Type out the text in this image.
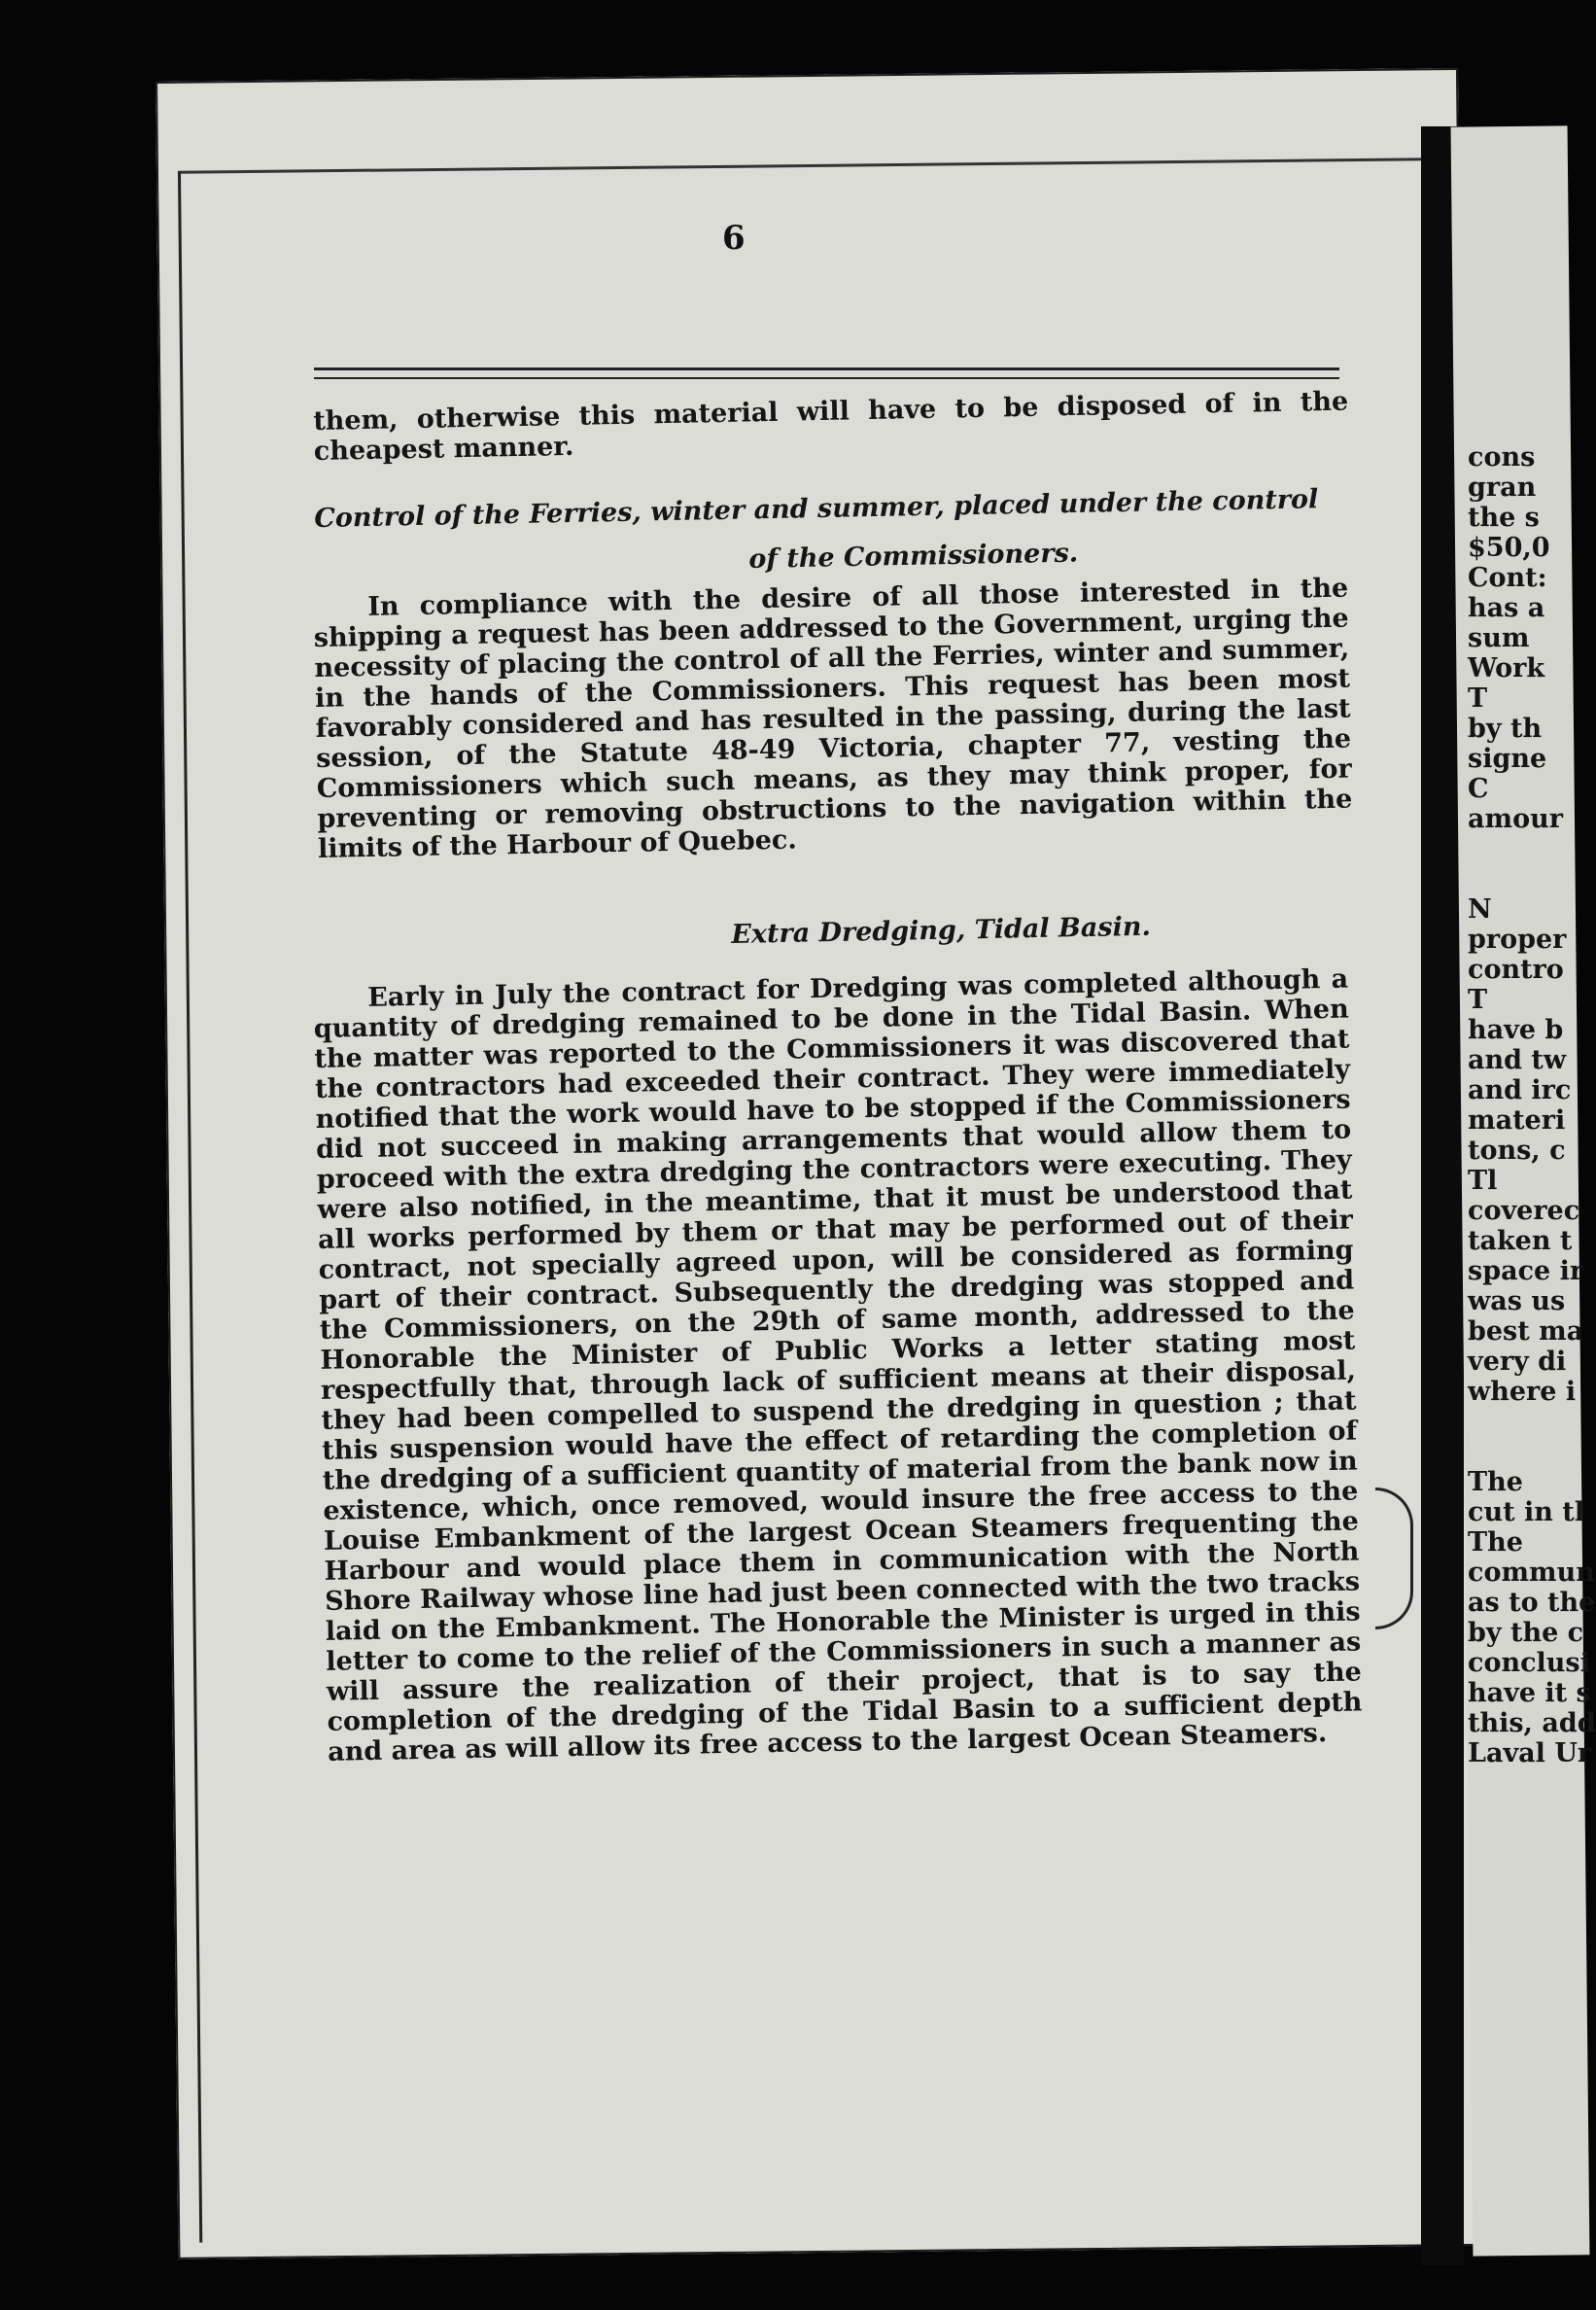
6
them, otherwise this material will have to be disposed of in the cheapest manner.
Control of the Ferries, winter and summer, placed under the control
of the Commissioners.
In compliance with the desire of all those interested in the shipping a request has been addressed to the Government, urging the necessity of placing the control of all the Ferries, winter and summer, in the hands of the Commissioners. This request has been most favorably considered and has resulted in the passing, during the last session, of the Statute 48-49 Victoria, chapter 77, vesting the Commissioners which such means, as they may think proper, for preventing or removing obstructions to the navigation within the limits of the Harbour of Quebec.
Extra Dredging, Tidal Basin.
Early in July the contract for Dredging was completed although a quantity of dredging remained to be done in the Tidal Basin. When the matter was reported to the Commissioners it was discovered that the contractors had exceeded their contract. They were immediately notified that the work would have to be stopped if the Commissioners did not succeed in making arrangements that would allow them to proceed with the extra dredging the contractors were executing. They were also notified, in the meantime, that it must be understood that all works performed by them or that may be performed out of their contract, not specially agreed upon, will be considered as forming part of their contract. Subsequently the dredging was stopped and the Commissioners, on the 29th of same month, addressed to the Honorable the Minister of Public Works a letter stating most respectfully that, through lack of sufficient means at their disposal, they had been compelled to suspend the dredging in question ; that this suspension would have the effect of retarding the completion of the dredging of a sufficient quantity of material from the bank now in existence, which, once removed, would insure the free access to the Louise Embankment of the largest Ocean Steamers frequenting the Harbour and would place them in communication with the North Shore Railway whose line had just been connected with the two tracks laid on the Embankment. The Honorable the Minister is urged in this letter to come to the relief of the Commissioners in such a manner as will assure the realization of their project, that is to say the completion of the dredging of the Tidal Basin to a sufficient depth and area as will allow its free access to the largest Ocean Steamers.
cons
gran
the s
$50,0
Cont:
has a
sum
Work
T
by th
signe
C
amour
N
proper
contro
T
have b
and tw
and irc
materi
tons, c
Tl
coverec
taken t
space ir
was us
best ma
very di
where i
The
cut in tl
The
commun
as to the
by the c
conclusi
have it s
this, add
Laval Ur
